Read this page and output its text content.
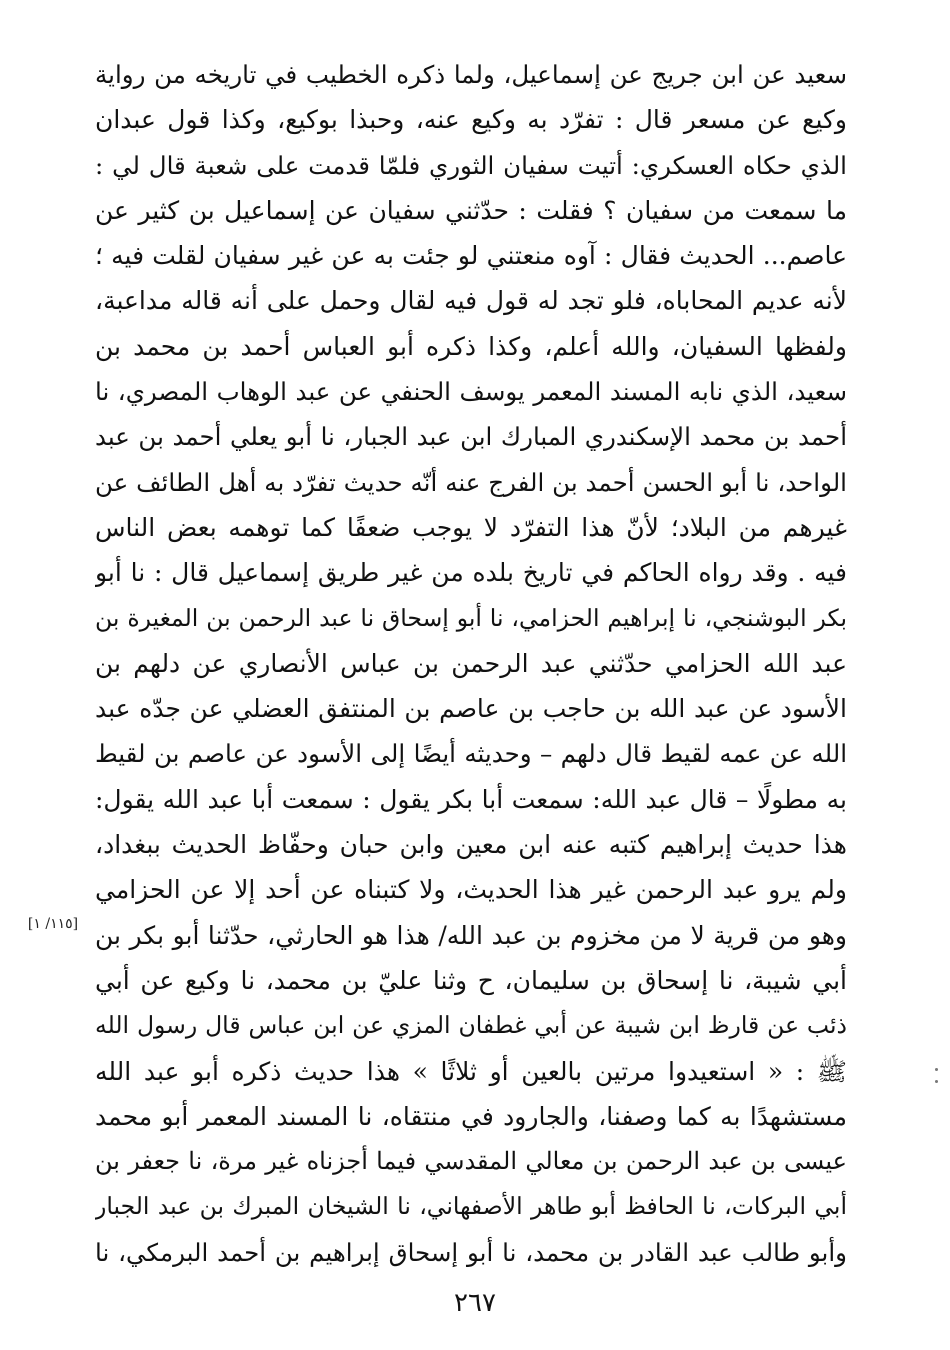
سعيد عن ابن جريج عن إسماعيل، ولما ذكره الخطيب في تاريخه من رواية
وكيع عن مسعر قال : تفرّد به وكيع عنه، وحبذا بوكيع، وكذا قول عبدان
الذي حكاه العسكري: أتيت سفيان الثوري فلمّا قدمت على شعبة قال لي :
ما سمعت من سفيان ؟ فقلت : حدّثني سفيان عن إسماعيل بن كثير عن
عاصم... الحديث فقال : آوه منعتني لو جئت به عن غير سفيان لقلت فيه ؛
لأنه عديم المحاباه، فلو تجد له قول فيه لقال وحمل على أنه قاله مداعبة،
ولفظها السفيان، والله أعلم، وكذا ذكره أبو العباس أحمد بن محمد بن
سعيد، الذي نابه المسند المعمر يوسف الحنفي عن عبد الوهاب المصري، نا
أحمد بن محمد الإسكندري المبارك ابن عبد الجبار، نا أبو يعلي أحمد بن عبد
الواحد، نا أبو الحسن أحمد بن الفرج عنه أنّه حديث تفرّد به أهل الطائف عن
غيرهم من البلاد؛ لأنّ هذا التفرّد لا يوجب ضعفًا كما توهمه بعض الناس
فيه . وقد رواه الحاكم في تاريخ بلده من غير طريق إسماعيل قال : نا أبو
بكر البوشنجي، نا إبراهيم الحزامي، نا أبو إسحاق نا عبد الرحمن بن المغيرة بن
عبد الله الحزامي حدّثني عبد الرحمن بن عباس الأنصاري عن دلهم بن
الأسود عن عبد الله بن حاجب بن عاصم بن المنتفق العضلي عن جدّه عبد
الله عن عمه لقيط قال دلهم – وحديثه أيضًا إلى الأسود عن عاصم بن لقيط
به مطولًا – قال عبد الله: سمعت أبا بكر يقول : سمعت أبا عبد الله يقول:
هذا حديث إبراهيم كتبه عنه ابن معين وابن حبان وحفّاظ الحديث ببغداد،
ولم يرو عبد الرحمن غير هذا الحديث، ولا كتبناه عن أحد إلا عن الحزامي
وهو من قرية لا من مخزوم بن عبد الله/ هذا هو الحارثي، حدّثنا أبو بكر بن
أبي شيبة، نا إسحاق بن سليمان، ح وثنا عليّ بن محمد، نا وكيع عن أبي
ذئب عن قارظ ابن شيبة عن أبي غطفان المزي عن ابن عباس قال رسول الله
ﷺ : « استعيدوا مرتين بالعين أو ثلاثًا » هذا حديث ذكره أبو عبد الله
مستشهدًا به كما وصفنا، والجارود في منتقاه، نا المسند المعمر أبو محمد
عيسى بن عبد الرحمن بن معالي المقدسي فيما أجزناه غير مرة، نا جعفر بن
أبي البركات، نا الحافظ أبو طاهر الأصفهاني، نا الشيخان المبرك بن عبد الجبار
وأبو طالب عبد القادر بن محمد، نا أبو إسحاق إبراهيم بن أحمد البرمكي، نا
[١١٥/ ١]
٢٦٧
